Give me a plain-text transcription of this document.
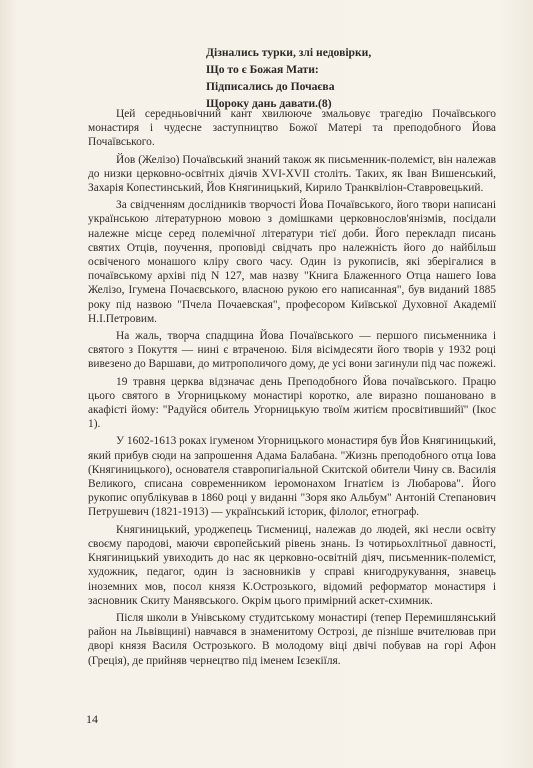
Дізнались турки, злі недовірки,
Що то є Божая Мати:
Підписались до Почаєва
Щороку дань давати.(8)

Цей середньовічний кант хвилююче змальовує трагедію Почаївського монастиря і чудесне заступництво Божої Матері та преподобного Йова Почаївського.

Йов (Желізо) Почаївський знаний також як письменник-полеміст, він належав до низки церковно-освітніх діячів XVI-XVII століть. Таких, як Іван Вишенський, Захарія Копестинський, Йов Княгиницький, Кирило Транквіліон-Ставровецький.

За свідченням дослідників творчості Йова Почаївського, його твори написані українською літературною мовою з домішками церковнослов'янізмів, посідали належне місце серед полемічної літератури тієї доби. Його перекладп писань святих Отців, поучення, проповіді свідчать про належність його до найбільш освіченого монашого кліру свого часу. Один із рукописів, які зберігалися в почаївському архіві під N 127, мав назву "Книга Блаженного Отца нашего Іова Желізо, Ігумена Почаєвського, власною рукою его написанная", був виданий 1885 року під назвою "Пчела Почаевская", професором Київської Духовної Академії Н.І.Петровим.

На жаль, творча спадщина Йова Почаївського — першого письменника і святого з Покуття — нині є втраченою. Біля вісімдесяти його творів у 1932 році вивезено до Варшави, до митрополичого дому, де усі вони загинули під час пожежі.

19 травня церква відзначає день Преподобного Йова почаївського. Працю цього святого в Угорницькому монастирі коротко, але виразно пошановано в акафісті йому: "Радуйся обитель Угорницькую твоїм житієм просвітившийї" (Ікос 1).

У 1602-1613 роках ігуменом Угорницького монастиря був Йов Княгиницький, який прибув сюди на запрошення Адама Балабана. "Жизнь преподобного отца Іова (Княгиницького), основателя ставропигіальной Скитской обители Чину св. Василія Великого, списана современником іеромонахом Ігнатієм із Любарова". Його рукопис опублікував в 1860 році у виданні "Зоря яко Альбум" Антоній Степанович Петрушевич (1821-1913) — український історик, філолог, етнограф.

Княгиницький, уроджепець Тисмениці, належав до людей, які несли освіту своєму пародові, маючи європейський рівень знань. Із чотирьохлітньої давності, Княгиницький увиходить до нас як церковно-освітній діяч, письменник-полеміст, художник, педагог, один із засновників у справі книгодрукування, знавець іноземних мов, посол князя К.Острозького, відомий реформатор монастиря і засновник Скиту Манявського. Окрім цього примірний аскет-схимник.

Після школи в Унівському студитському монастирі (тепер Перемишлянський район на Львівщині) навчався в знаменитому Острозі, де пізніше вчителював при дворі князя Василя Острозького. В молодому віці двічі побував на горі Афон (Греція), де прийняв чернецтво під іменем Ієзекіїля.

14
